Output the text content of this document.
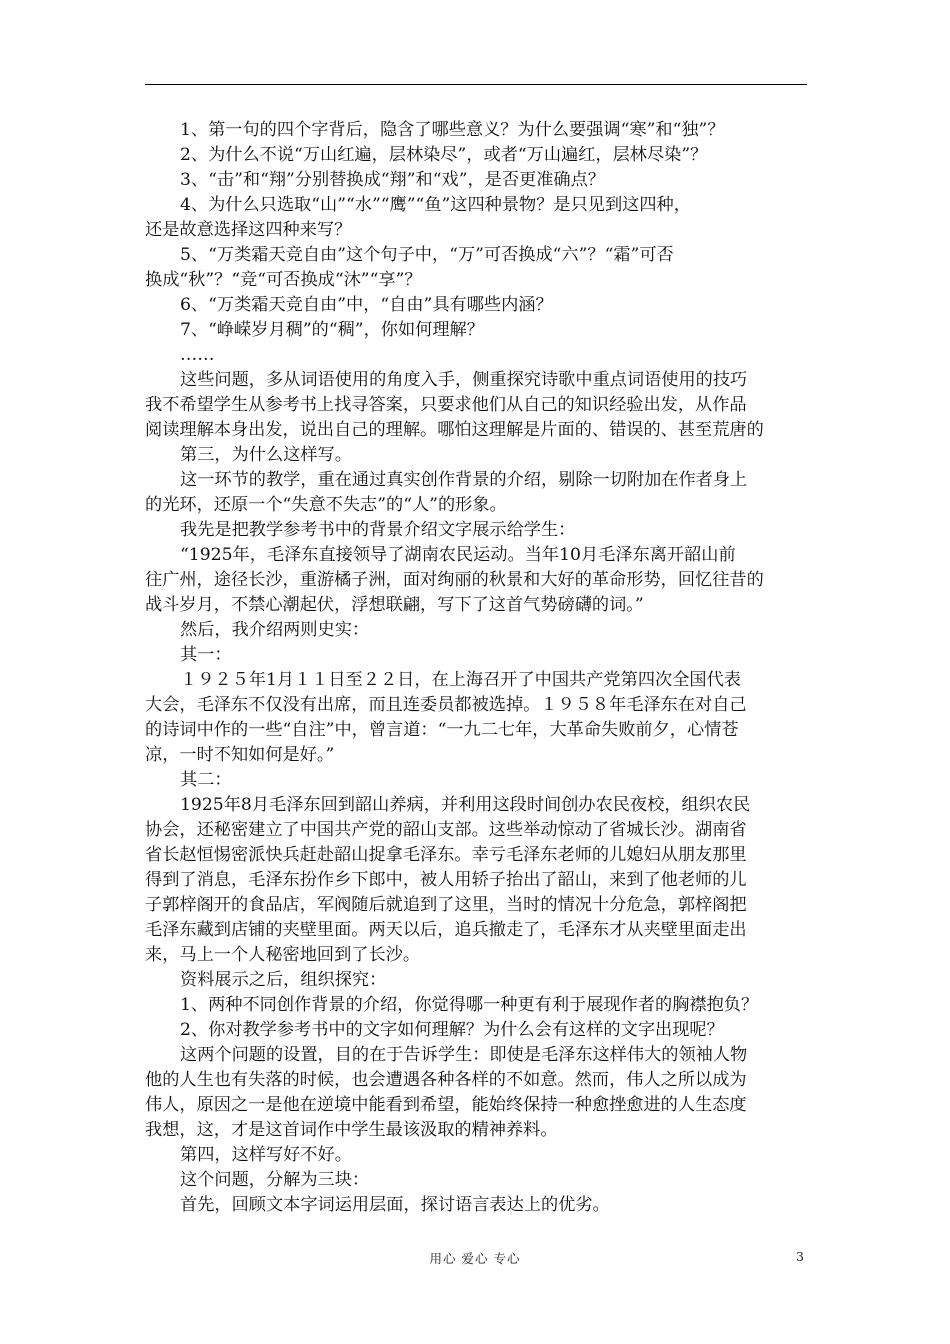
1、第一句的四个字背后，隐含了哪些意义？为什么要强调“寒”和“独”？
2、为什么不说“万山红遍，层林染尽”，或者“万山遍红，层林尽染”？
3、“击”和“翔”分别替换成“翔”和“戏”，是否更准确点？
4、为什么只选取“山”“水”“鹰”“鱼”这四种景物？是只见到这四种，
还是故意选择这四种来写？
5、“万类霜天竞自由”这个句子中，“万”可否换成“六”？“霜”可否
换成“秋”？“竞“可否换成“沐”“享”？
6、“万类霜天竞自由”中，“自由”具有哪些内涵？
7、“峥嵘岁月稠”的“稠”，你如何理解？
……
这些问题，多从词语使用的角度入手，侧重探究诗歌中重点词语使用的技巧
我不希望学生从参考书上找寻答案，只要求他们从自己的知识经验出发，从作品
阅读理解本身出发，说出自己的理解。哪怕这理解是片面的、错误的、甚至荒唐的
第三，为什么这样写。
这一环节的教学，重在通过真实创作背景的介绍，剔除一切附加在作者身上
的光环，还原一个“失意不失志”的“人”的形象。
我先是把教学参考书中的背景介绍文字展示给学生：
“1925年，毛泽东直接领导了湖南农民运动。当年10月毛泽东离开韶山前
往广州，途径长沙，重游橘子洲，面对绚丽的秋景和大好的革命形势，回忆往昔的
战斗岁月，不禁心潮起伏，浮想联翩，写下了这首气势磅礴的词。”
然后，我介绍两则史实：
其一：
１９２５年1月１１日至２２日，在上海召开了中国共产党第四次全国代表
大会，毛泽东不仅没有出席，而且连委员都被选掉。１９５８年毛泽东在对自己
的诗词中作的一些“自注”中，曾言道：“一九二七年，大革命失败前夕，心情苍
凉，一时不知如何是好。”
其二：
1925年8月毛泽东回到韶山养病，并利用这段时间创办农民夜校，组织农民
协会，还秘密建立了中国共产党的韶山支部。这些举动惊动了省城长沙。湖南省
省长赵恒惕密派快兵赶赴韶山捉拿毛泽东。幸亏毛泽东老师的儿媳妇从朋友那里
得到了消息，毛泽东扮作乡下郎中，被人用轿子抬出了韶山，来到了他老师的儿
子郭梓阁开的食品店，军阀随后就追到了这里，当时的情况十分危急，郭梓阁把
毛泽东藏到店铺的夹壁里面。两天以后，追兵撤走了，毛泽东才从夹壁里面走出
来，马上一个人秘密地回到了长沙。
资料展示之后，组织探究：
1、两种不同创作背景的介绍，你觉得哪一种更有利于展现作者的胸襟抱负？
2、你对教学参考书中的文字如何理解？为什么会有这样的文字出现呢？
这两个问题的设置，目的在于告诉学生：即使是毛泽东这样伟大的领袖人物
他的人生也有失落的时候，也会遭遇各种各样的不如意。然而，伟人之所以成为
伟人，原因之一是他在逆境中能看到希望，能始终保持一种愈挫愈进的人生态度
我想，这，才是这首词作中学生最该汲取的精神养料。
第四，这样写好不好。
这个问题，分解为三块：
首先，回顾文本字词运用层面，探讨语言表达上的优劣。
用心 爱心 专心	3
